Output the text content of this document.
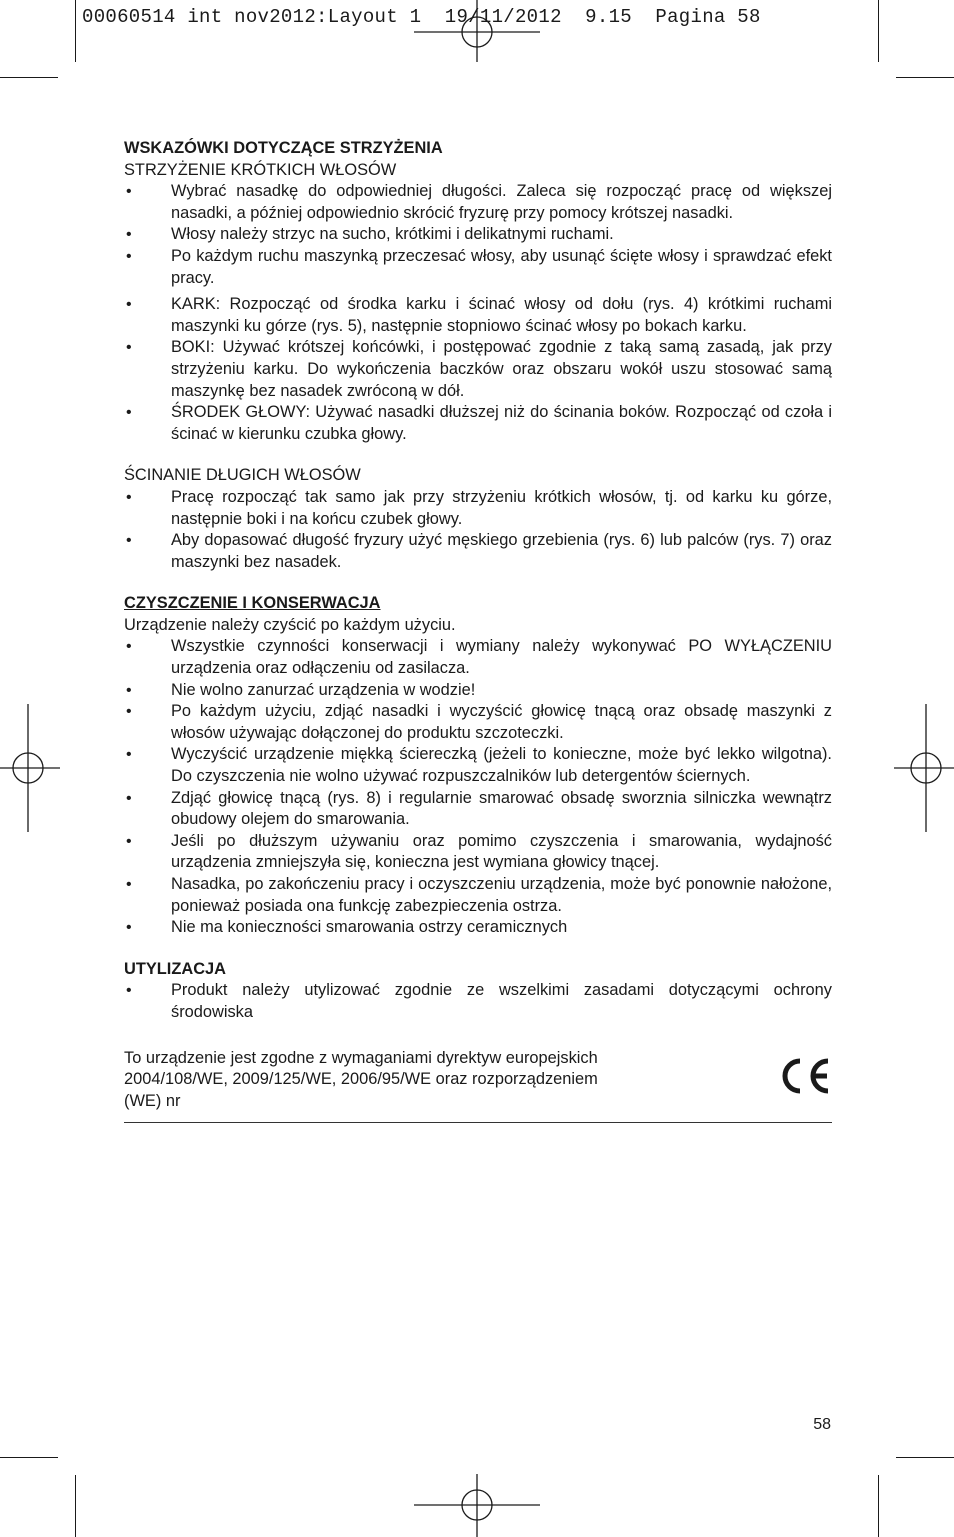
00060514 int nov2012:Layout 1  19/11/2012  9.15  Pagina 58
WSKAZÓWKI DOTYCZĄCE STRZYŻENIA
STRZYŻENIE KRÓTKICH WŁOSÓW
• Wybrać nasadkę do odpowiedniej długości. Zaleca się rozpocząć pracę od większej nasadki, a później odpowiednio skrócić fryzurę przy pomocy krótszej nasadki.
• Włosy należy strzyc na sucho, krótkimi i delikatnymi ruchami.
• Po każdym ruchu maszynką przeczesać włosy, aby usunąć ścięte włosy i sprawdzać efekt pracy.
• KARK: Rozpocząć od środka karku i ścinać włosy od dołu (rys. 4) krótkimi ruchami maszynki ku górze (rys. 5), następnie stopniowo ścinać włosy po bokach karku.
• BOKI: Używać krótszej końcówki, i postępować zgodnie z taką samą zasadą, jak przy strzyżeniu karku. Do wykończenia baczków oraz obszaru wokół uszu stosować samą maszynkę bez nasadek zwróconą w dół.
• ŚRODEK GŁOWY: Używać nasadki dłuższej niż do ścinania boków. Rozpocząć od czoła i ścinać w kierunku czubka głowy.
ŚCINANIE DŁUGICH WŁOSÓW
• Pracę rozpocząć tak samo jak przy strzyżeniu krótkich włosów, tj. od karku ku górze, następnie boki i na końcu czubek głowy.
• Aby dopasować długość fryzury użyć męskiego grzebienia (rys. 6) lub palców (rys. 7) oraz maszynki bez nasadek.
CZYSZCZENIE I KONSERWACJA
Urządzenie należy czyścić po każdym użyciu.
• Wszystkie czynności konserwacji i wymiany należy wykonywać PO WYŁĄCZENIU urządzenia oraz odłączeniu od zasilacza.
• Nie wolno zanurzać urządzenia w wodzie!
• Po każdym użyciu, zdjąć nasadki i wyczyścić głowicę tnącą oraz obsadę maszynki z włosów używając dołączonej do produktu szczoteczki.
• Wyczyścić urządzenie miękką ściereczką (jeżeli to konieczne, może być lekko wilgotna). Do czyszczenia nie wolno używać rozpuszczalników lub detergentów ściernych.
• Zdjąć głowicę tnącą (rys. 8) i regularnie smarować obsadę sworznia silniczka wewnątrz obudowy olejem do smarowania.
• Jeśli po dłuższym używaniu oraz pomimo czyszczenia i smarowania, wydajność urządzenia zmniejszyła się, konieczna jest wymiana głowicy tnącej.
• Nasadka, po zakończeniu pracy i oczyszczeniu urządzenia, może być ponownie nałożone, ponieważ posiada ona funkcję zabezpieczenia ostrza.
• Nie ma konieczności smarowania ostrzy ceramicznych
UTYLIZACJA
• Produkt należy utylizować zgodnie ze wszelkimi zasadami dotyczącymi ochrony środowiska
To urządzenie jest zgodne z wymaganiami dyrektyw europejskich
2004/108/WE, 2009/125/WE, 2006/95/WE oraz rozporządzeniem
(WE) nr
58
